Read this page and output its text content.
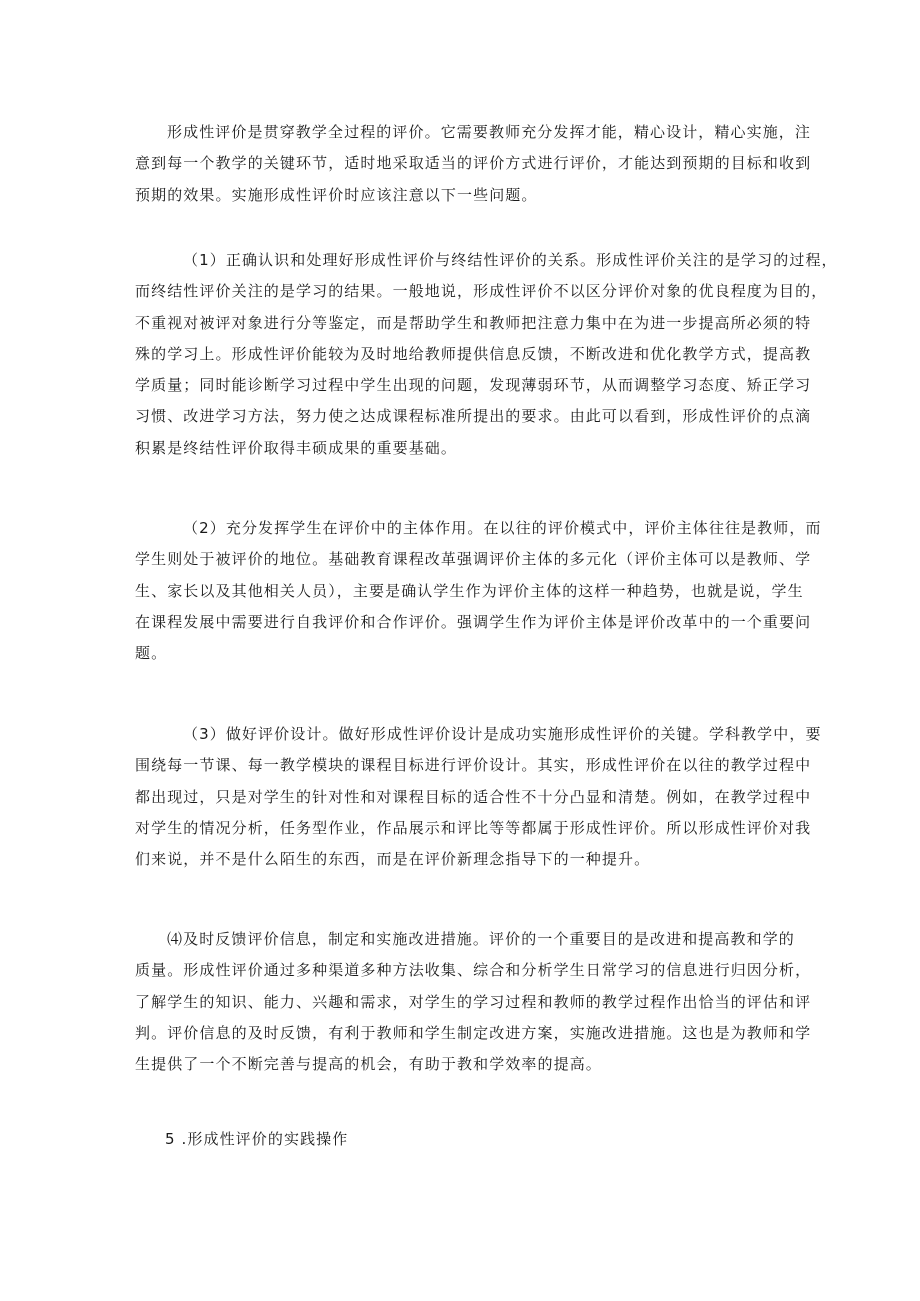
形成性评价是贯穿教学全过程的评价。它需要教师充分发挥才能，精心设计，精心实施，注
意到每一个教学的关键环节，适时地采取适当的评价方式进行评价，才能达到预期的目标和收到
预期的效果。实施形成性评价时应该注意以下一些问题。

（1）正确认识和处理好形成性评价与终结性评价的关系。形成性评价关注的是学习的过程，
而终结性评价关注的是学习的结果。一般地说，形成性评价不以区分评价对象的优良程度为目的，
不重视对被评对象进行分等鉴定，而是帮助学生和教师把注意力集中在为进一步提高所必须的特
殊的学习上。形成性评价能较为及时地给教师提供信息反馈，不断改进和优化教学方式，提高教
学质量；同时能诊断学习过程中学生出现的问题，发现薄弱环节，从而调整学习态度、矫正学习
习惯、改进学习方法，努力使之达成课程标准所提出的要求。由此可以看到，形成性评价的点滴
积累是终结性评价取得丰硕成果的重要基础。

（2）充分发挥学生在评价中的主体作用。在以往的评价模式中，评价主体往往是教师，而
学生则处于被评价的地位。基础教育课程改革强调评价主体的多元化（评价主体可以是教师、学
生、家长以及其他相关人员），主要是确认学生作为评价主体的这样一种趋势，也就是说，学生
在课程发展中需要进行自我评价和合作评价。强调学生作为评价主体是评价改革中的一个重要问
题。

（3）做好评价设计。做好形成性评价设计是成功实施形成性评价的关键。学科教学中，要
围绕每一节课、每一教学模块的课程目标进行评价设计。其实，形成性评价在以往的教学过程中
都出现过，只是对学生的针对性和对课程目标的适合性不十分凸显和清楚。例如，在教学过程中
对学生的情况分析，任务型作业，作品展示和评比等等都属于形成性评价。所以形成性评价对我
们来说，并不是什么陌生的东西，而是在评价新理念指导下的一种提升。

⑷及时反馈评价信息，制定和实施改进措施。评价的一个重要目的是改进和提高教和学的
质量。形成性评价通过多种渠道多种方法收集、综合和分析学生日常学习的信息进行归因分析，
了解学生的知识、能力、兴趣和需求，对学生的学习过程和教师的教学过程作出恰当的评估和评
判。评价信息的及时反馈，有利于教师和学生制定改进方案，实施改进措施。这也是为教师和学
生提供了一个不断完善与提高的机会，有助于教和学效率的提高。

5 .形成性评价的实践操作
